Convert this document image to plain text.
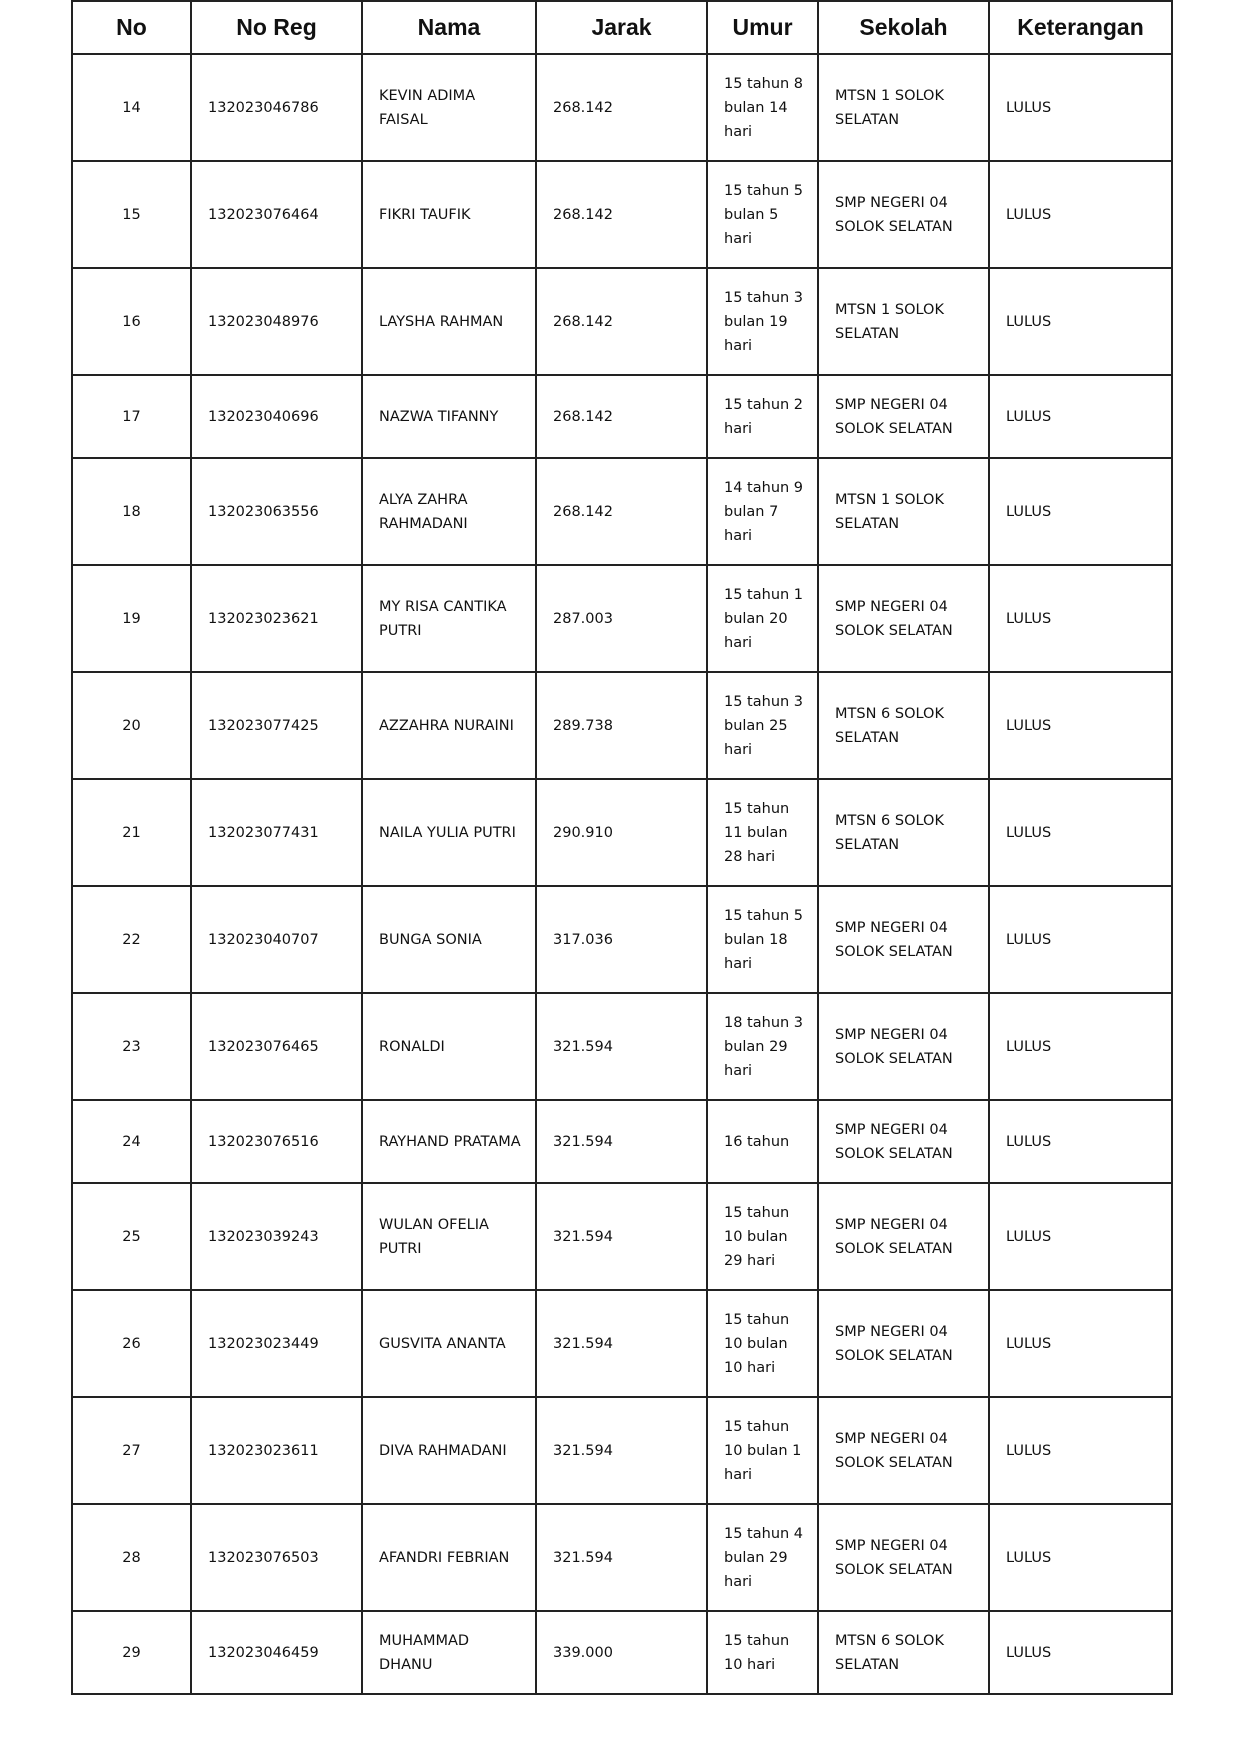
No	No Reg	Nama	Jarak	Umur	Sekolah	Keterangan
14	132023046786	KEVIN ADIMA FAISAL	268.142	15 tahun 8 bulan 14 hari	MTSN 1 SOLOK SELATAN	LULUS
15	132023076464	FIKRI TAUFIK	268.142	15 tahun 5 bulan 5 hari	SMP NEGERI 04 SOLOK SELATAN	LULUS
16	132023048976	LAYSHA RAHMAN	268.142	15 tahun 3 bulan 19 hari	MTSN 1 SOLOK SELATAN	LULUS
17	132023040696	NAZWA TIFANNY	268.142	15 tahun 2 hari	SMP NEGERI 04 SOLOK SELATAN	LULUS
18	132023063556	ALYA ZAHRA RAHMADANI	268.142	14 tahun 9 bulan 7 hari	MTSN 1 SOLOK SELATAN	LULUS
19	132023023621	MY RISA CANTIKA PUTRI	287.003	15 tahun 1 bulan 20 hari	SMP NEGERI 04 SOLOK SELATAN	LULUS
20	132023077425	AZZAHRA NURAINI	289.738	15 tahun 3 bulan 25 hari	MTSN 6 SOLOK SELATAN	LULUS
21	132023077431	NAILA YULIA PUTRI	290.910	15 tahun 11 bulan 28 hari	MTSN 6 SOLOK SELATAN	LULUS
22	132023040707	BUNGA SONIA	317.036	15 tahun 5 bulan 18 hari	SMP NEGERI 04 SOLOK SELATAN	LULUS
23	132023076465	RONALDI	321.594	18 tahun 3 bulan 29 hari	SMP NEGERI 04 SOLOK SELATAN	LULUS
24	132023076516	RAYHAND PRATAMA	321.594	16 tahun	SMP NEGERI 04 SOLOK SELATAN	LULUS
25	132023039243	WULAN OFELIA PUTRI	321.594	15 tahun 10 bulan 29 hari	SMP NEGERI 04 SOLOK SELATAN	LULUS
26	132023023449	GUSVITA ANANTA	321.594	15 tahun 10 bulan 10 hari	SMP NEGERI 04 SOLOK SELATAN	LULUS
27	132023023611	DIVA RAHMADANI	321.594	15 tahun 10 bulan 1 hari	SMP NEGERI 04 SOLOK SELATAN	LULUS
28	132023076503	AFANDRI FEBRIAN	321.594	15 tahun 4 bulan 29 hari	SMP NEGERI 04 SOLOK SELATAN	LULUS
29	132023046459	MUHAMMAD DHANU	339.000	15 tahun 10 hari	MTSN 6 SOLOK SELATAN	LULUS
